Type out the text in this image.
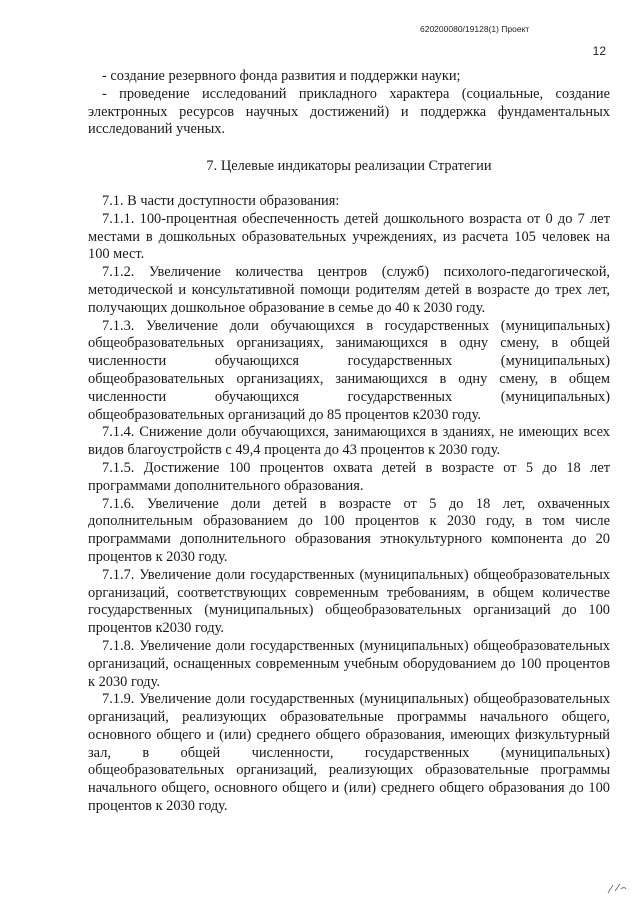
620200080/19128(1) Проект
12

- создание резервного фонда развития и поддержки науки;

- проведение исследований прикладного характера (социальные, создание электронных ресурсов научных достижений) и поддержка фундаментальных исследований ученых.

7. Целевые индикаторы реализации Стратегии

7.1. В части доступности образования:

7.1.1. 100-процентная обеспеченность детей дошкольного возраста от 0 до 7 лет местами в дошкольных образовательных учреждениях, из расчета 105 человек на 100 мест.

7.1.2. Увеличение количества центров (служб) психолого-педагогической, методической и консультативной помощи родителям детей в возрасте до трех лет, получающих дошкольное образование в семье до 40 к 2030 году.

7.1.3. Увеличение доли обучающихся в государственных (муниципальных) общеобразовательных организациях, занимающихся в одну смену, в общей численности обучающихся государственных (муниципальных) общеобразовательных организациях, занимающихся в одну смену, в общем численности обучающихся государственных (муниципальных) общеобразовательных организаций до 85 процентов к2030 году.

7.1.4. Снижение доли обучающихся, занимающихся в зданиях, не имеющих всех видов благоустройств с 49,4 процента до 43 процентов к 2030 году.

7.1.5. Достижение 100 процентов охвата детей в возрасте от 5 до 18 лет программами дополнительного образования.

7.1.6. Увеличение доли детей в возрасте от 5 до 18 лет, охваченных дополнительным образованием до 100 процентов к 2030 году, в том числе программами дополнительного образования этнокультурного компонента до 20 процентов к 2030 году.

7.1.7. Увеличение доли государственных (муниципальных) общеобразовательных организаций, соответствующих современным требованиям, в общем количестве государственных (муниципальных) общеобразовательных организаций до 100 процентов к2030 году.

7.1.8. Увеличение доли государственных (муниципальных) общеобразовательных организаций, оснащенных современным учебным оборудованием до 100 процентов к 2030 году.

7.1.9. Увеличение доли государственных (муниципальных) общеобразовательных организаций, реализующих образовательные программы начального общего, основного общего и (или) среднего общего образования, имеющих физкультурный зал, в общей численности, государственных (муниципальных) общеобразовательных организаций, реализующих образовательные программы начального общего, основного общего и (или) среднего общего образования до 100 процентов к 2030 году.
